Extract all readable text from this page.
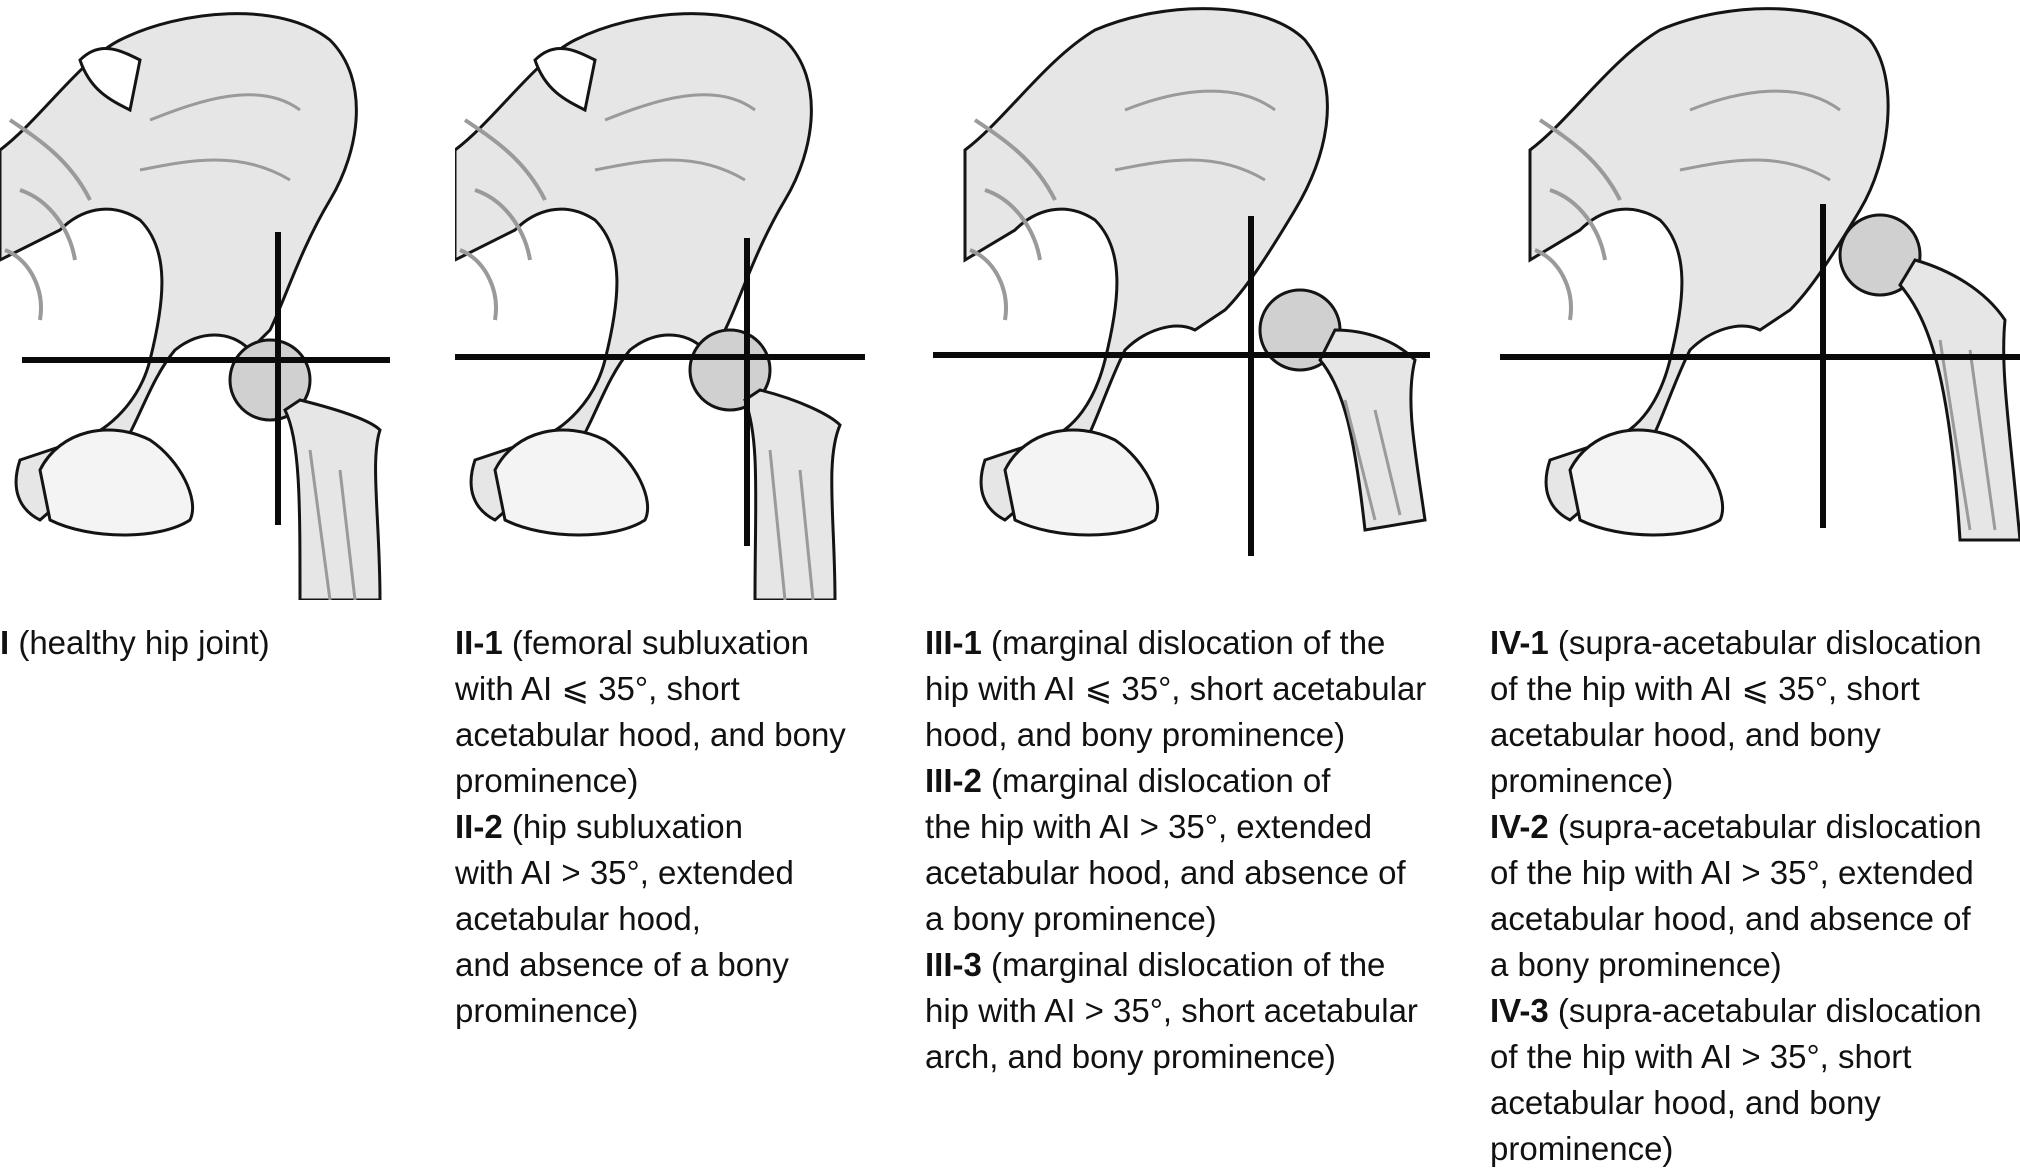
I (healthy hip joint)	II-1 (femoral subluxation

with AI ⩽ 35°, short

acetabular hood, and bony

prominence)

II-2 (hip subluxation

with AI > 35°, extended

acetabular hood,

and absence of a bony

prominence)

III-1 (marginal dislocation of the

hip with AI ⩽ 35°, short acetabular

hood, and bony prominence)

III-2 (marginal dislocation of

the hip with AI > 35°, extended

acetabular hood, and absence of

a bony prominence)

III-3 (marginal dislocation of the

hip with AI > 35°, short acetabular

arch, and bony prominence)

IV-1 (supra-acetabular dislocation

of the hip with AI ⩽ 35°, short

acetabular hood, and bony

prominence)

IV-2 (supra-acetabular dislocation

of the hip with AI > 35°, extended

acetabular hood, and absence of

a bony prominence)

IV-3 (supra-acetabular dislocation

of the hip with AI > 35°, short

acetabular hood, and bony

prominence)
